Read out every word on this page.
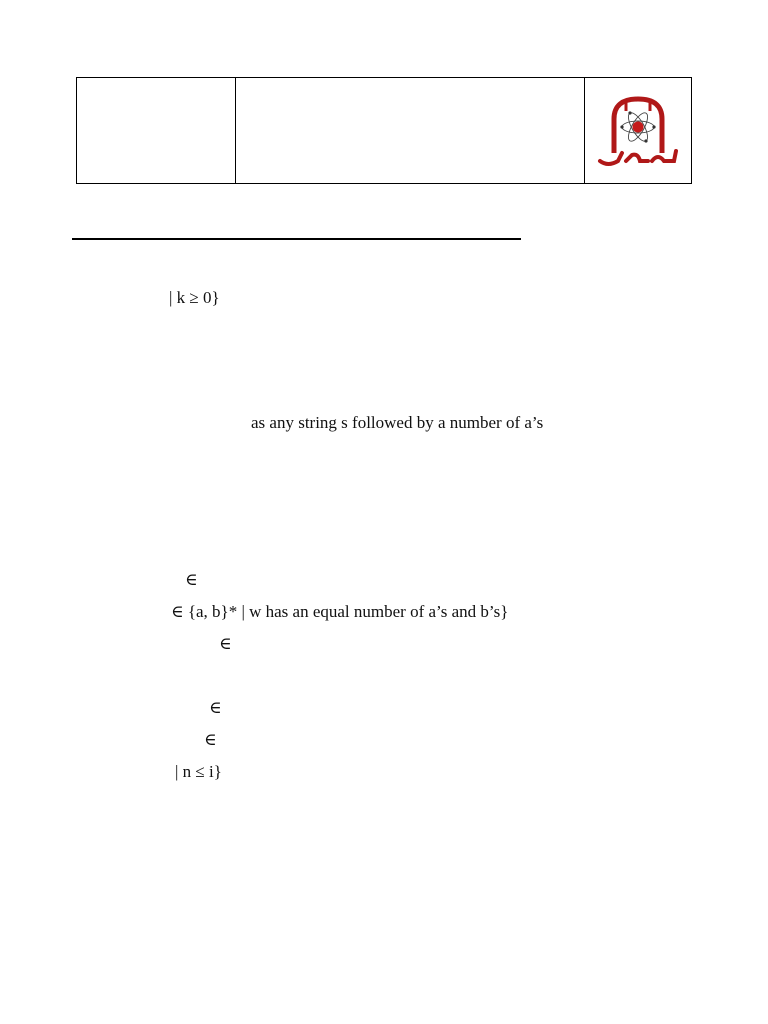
| k ≥ 0}
as any string s followed by a number of a’s
∈
∈ {a, b}* | w has an equal number of a’s and b’s}
∈
∈
∈
| n ≤ i}
